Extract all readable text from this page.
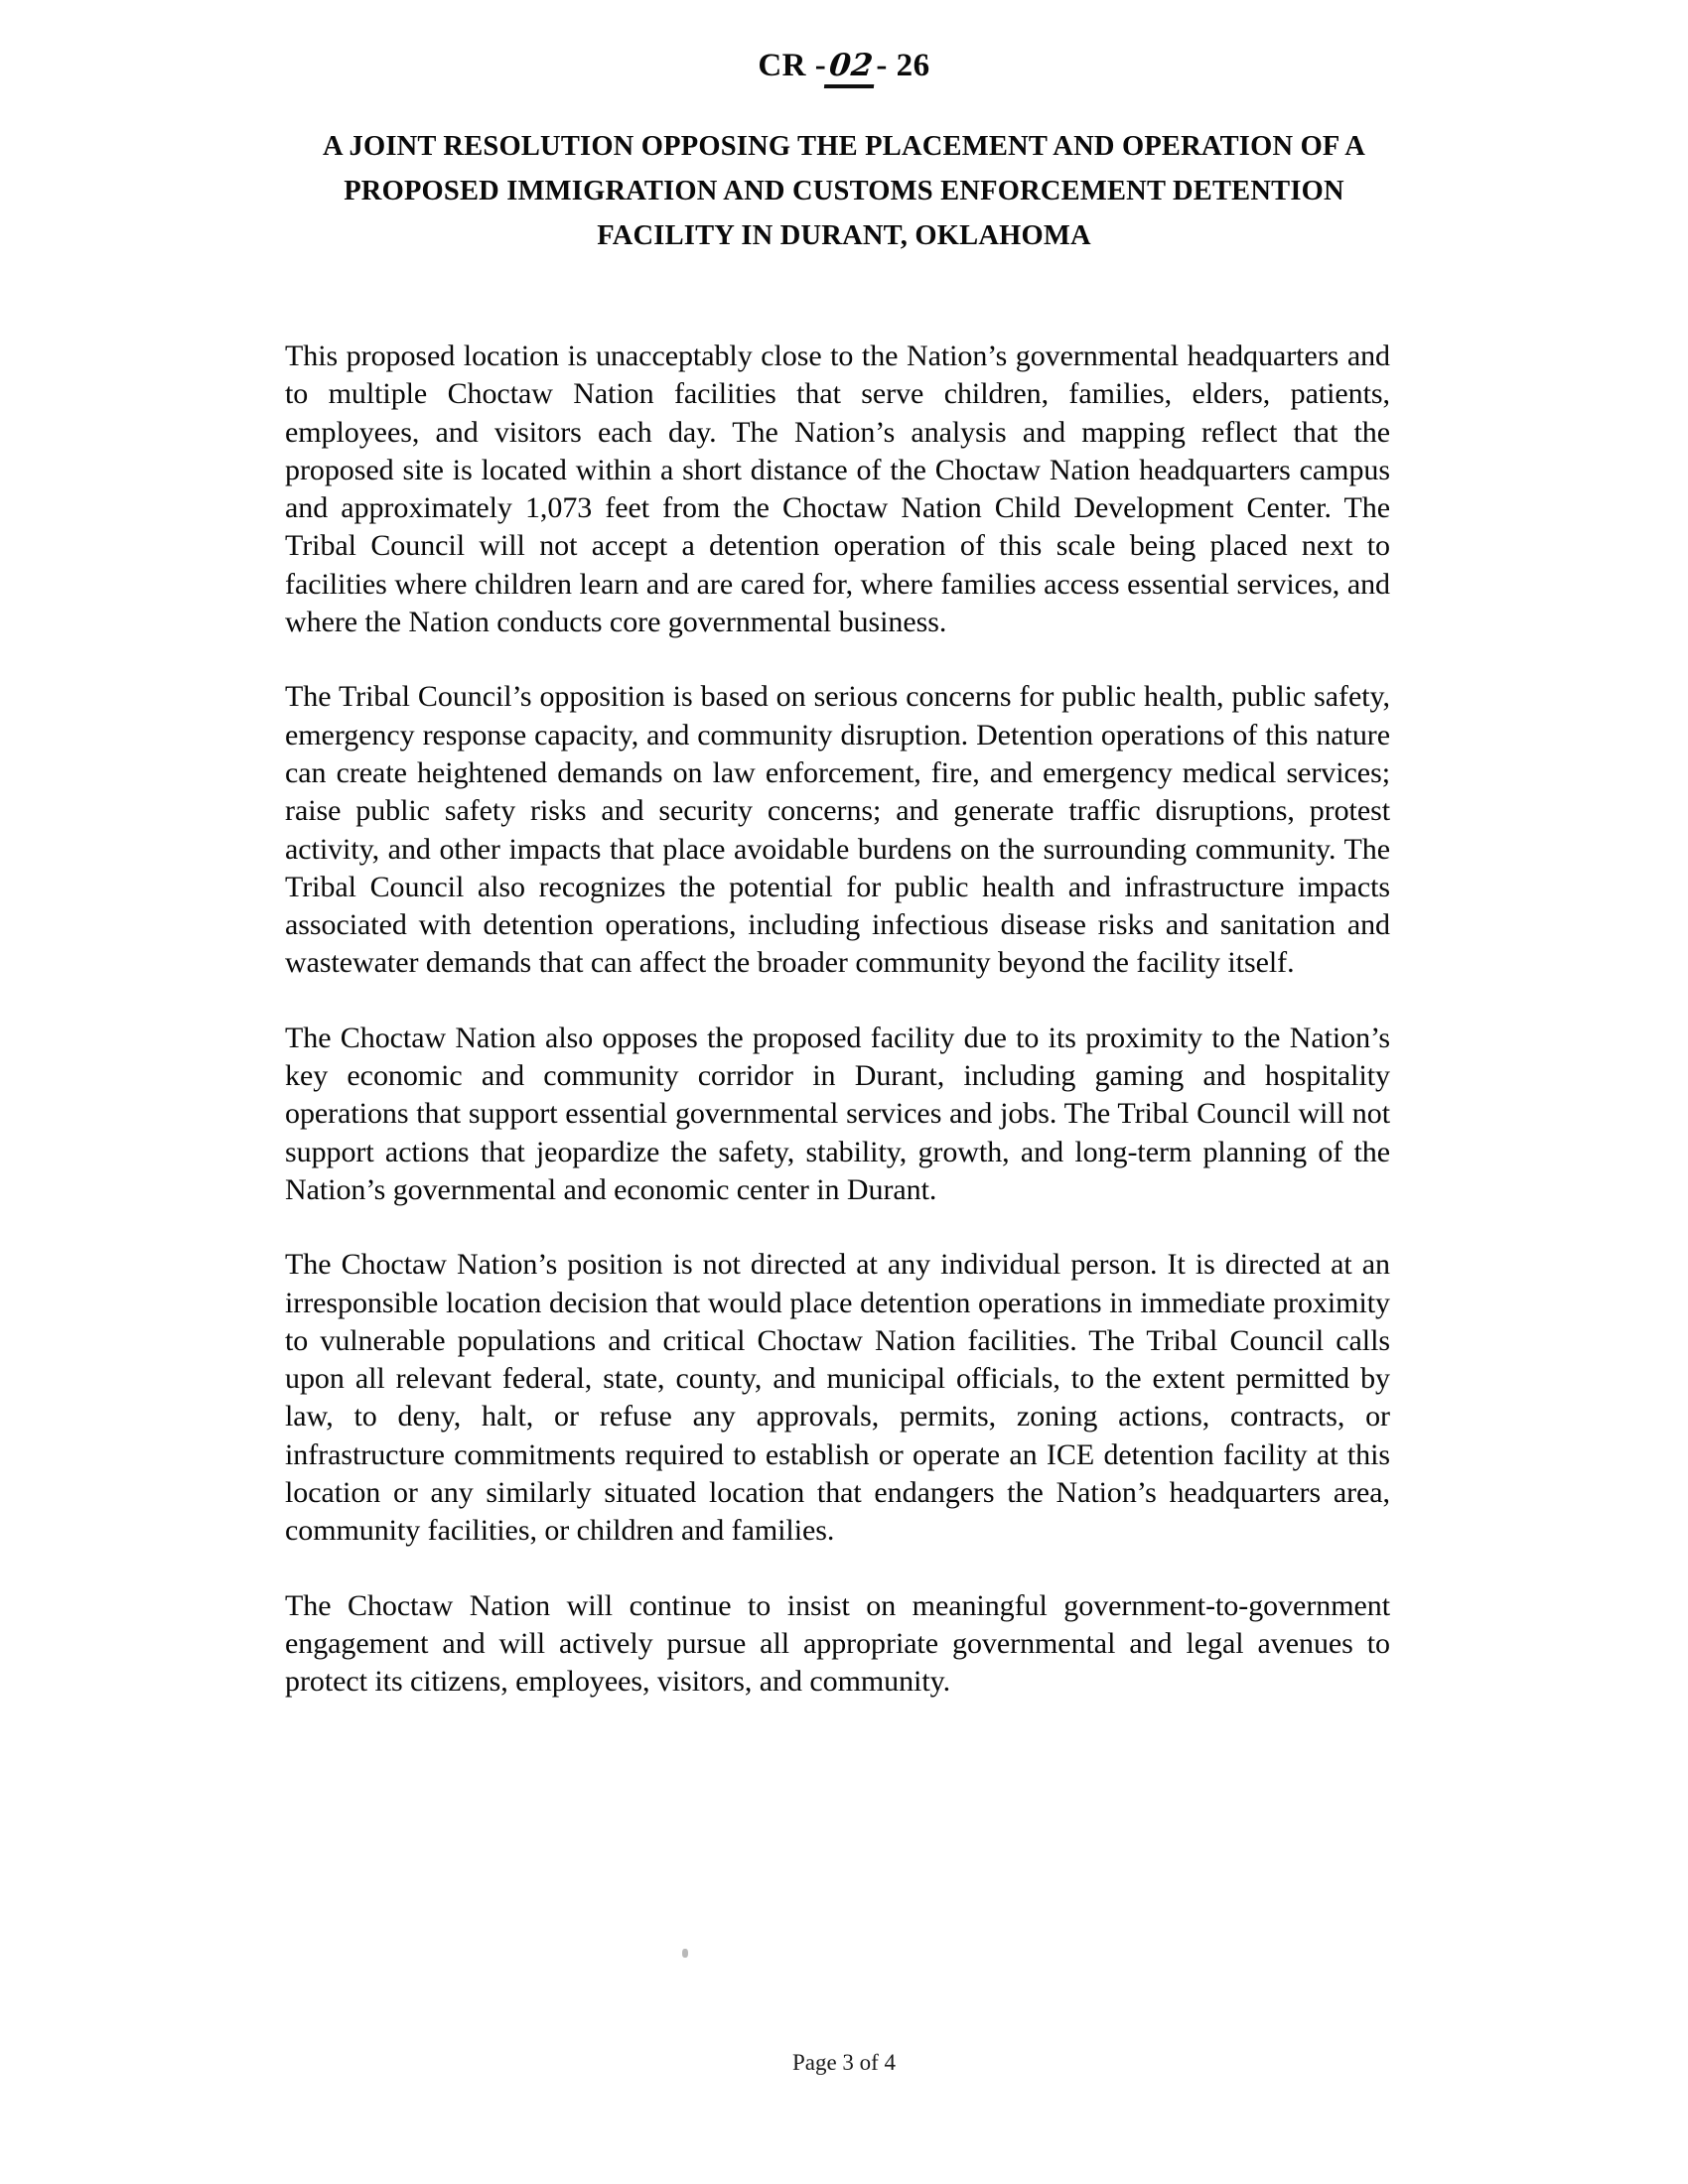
CR -02- 26
A JOINT RESOLUTION OPPOSING THE PLACEMENT AND OPERATION OF A
PROPOSED IMMIGRATION AND CUSTOMS ENFORCEMENT DETENTION
FACILITY IN DURANT, OKLAHOMA

This proposed location is unacceptably close to the Nation’s governmental headquarters and to multiple Choctaw Nation facilities that serve children, families, elders, patients, employees, and visitors each day. The Nation’s analysis and mapping reflect that the proposed site is located within a short distance of the Choctaw Nation headquarters campus and approximately 1,073 feet from the Choctaw Nation Child Development Center. The Tribal Council will not accept a detention operation of this scale being placed next to facilities where children learn and are cared for, where families access essential services, and where the Nation conducts core governmental business.

The Tribal Council’s opposition is based on serious concerns for public health, public safety, emergency response capacity, and community disruption. Detention operations of this nature can create heightened demands on law enforcement, fire, and emergency medical services; raise public safety risks and security concerns; and generate traffic disruptions, protest activity, and other impacts that place avoidable burdens on the surrounding community. The Tribal Council also recognizes the potential for public health and infrastructure impacts associated with detention operations, including infectious disease risks and sanitation and wastewater demands that can affect the broader community beyond the facility itself.

The Choctaw Nation also opposes the proposed facility due to its proximity to the Nation’s key economic and community corridor in Durant, including gaming and hospitality operations that support essential governmental services and jobs. The Tribal Council will not support actions that jeopardize the safety, stability, growth, and long-term planning of the Nation’s governmental and economic center in Durant.

The Choctaw Nation’s position is not directed at any individual person. It is directed at an irresponsible location decision that would place detention operations in immediate proximity to vulnerable populations and critical Choctaw Nation facilities. The Tribal Council calls upon all relevant federal, state, county, and municipal officials, to the extent permitted by law, to deny, halt, or refuse any approvals, permits, zoning actions, contracts, or infrastructure commitments required to establish or operate an ICE detention facility at this location or any similarly situated location that endangers the Nation’s headquarters area, community facilities, or children and families.

The Choctaw Nation will continue to insist on meaningful government-to-government engagement and will actively pursue all appropriate governmental and legal avenues to protect its citizens, employees, visitors, and community.

Page 3 of 4
